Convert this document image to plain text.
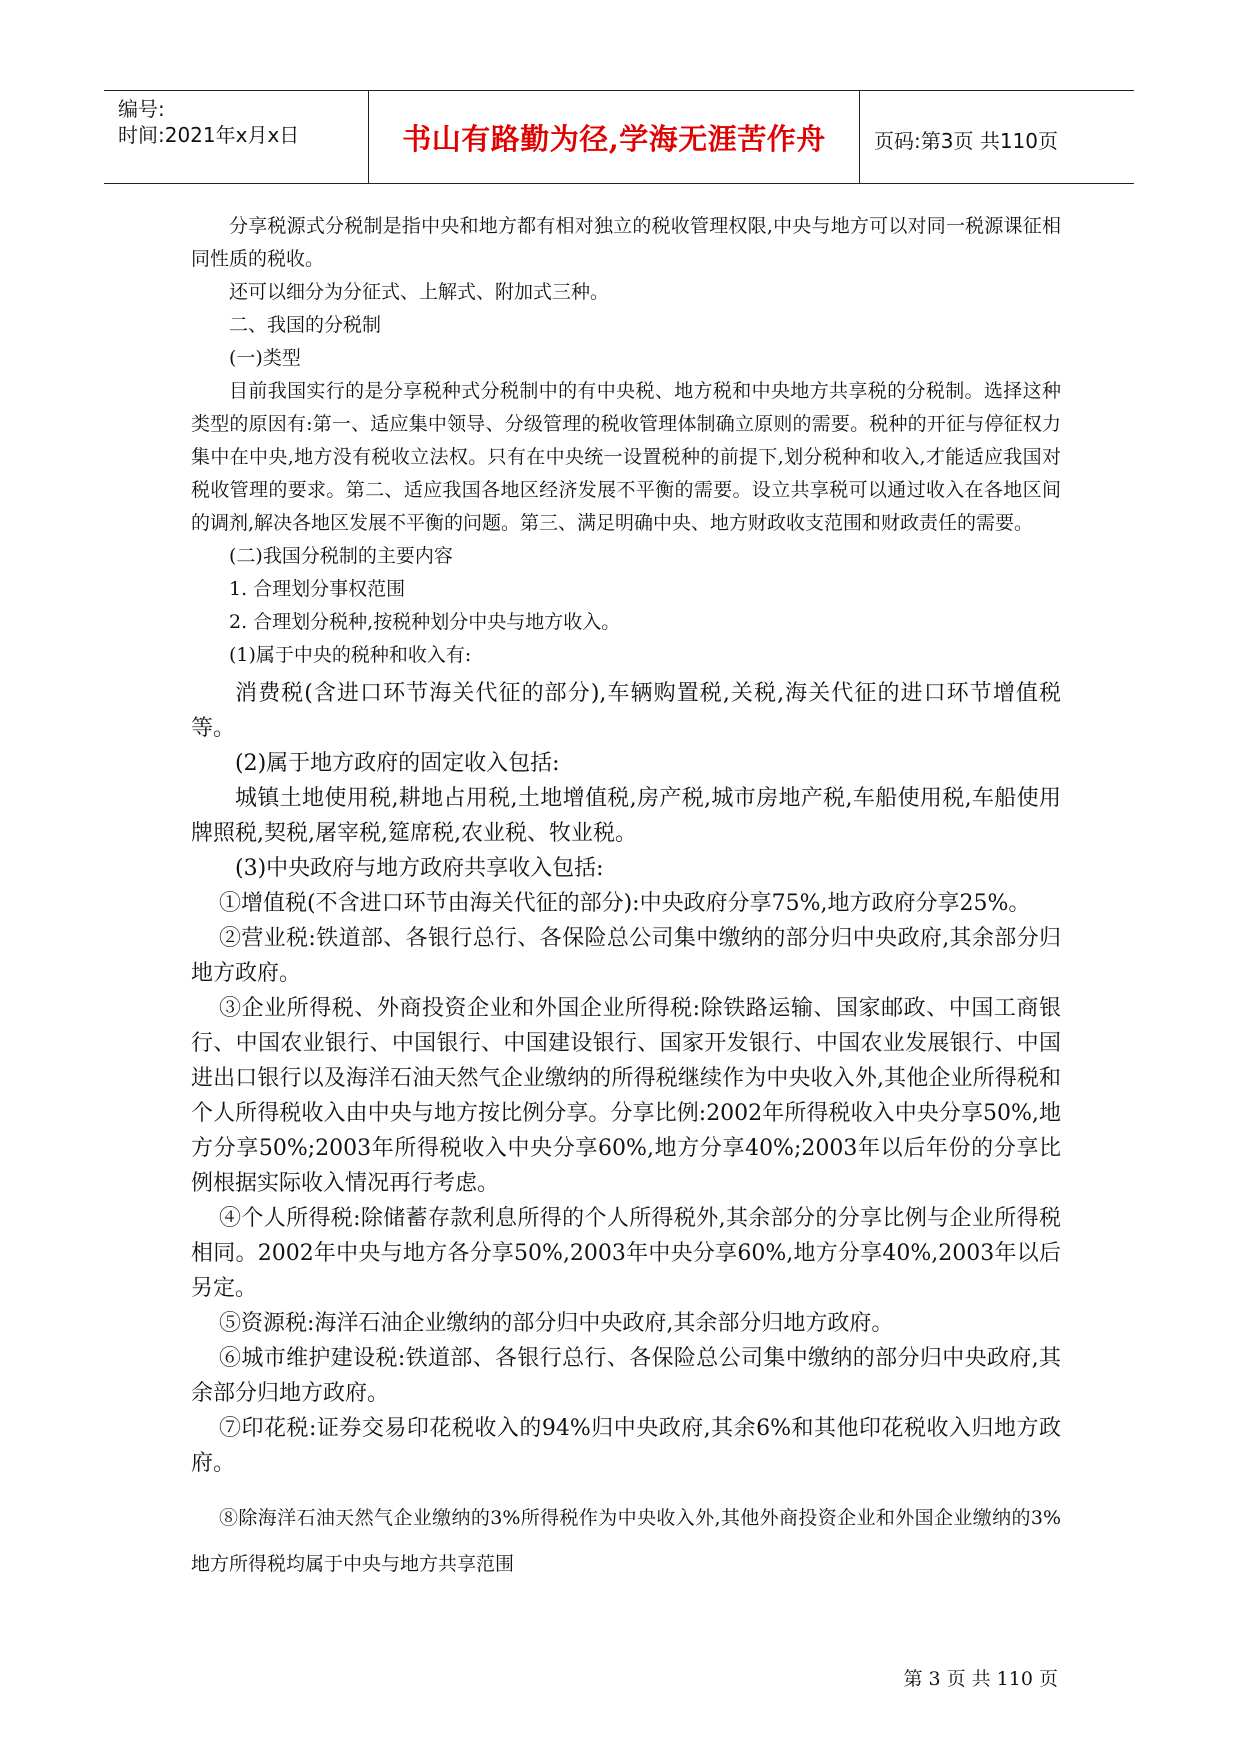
编号:
时间:2021年x月x日	书山有路勤为径,学海无涯苦作舟	页码:第3页 共110页

分享税源式分税制是指中央和地方都有相对独立的税收管理权限,中央与地方可以对同一税源课征相同性质的税收。

还可以细分为分征式、上解式、附加式三种。

二、我国的分税制

(一)类型

目前我国实行的是分享税种式分税制中的有中央税、地方税和中央地方共享税的分税制。选择这种类型的原因有:第一、适应集中领导、分级管理的税收管理体制确立原则的需要。税种的开征与停征权力集中在中央,地方没有税收立法权。只有在中央统一设置税种的前提下,划分税种和收入,才能适应我国对税收管理的要求。第二、适应我国各地区经济发展不平衡的需要。设立共享税可以通过收入在各地区间的调剂,解决各地区发展不平衡的问题。第三、满足明确中央、地方财政收支范围和财政责任的需要。

(二)我国分税制的主要内容

1. 合理划分事权范围

2. 合理划分税种,按税种划分中央与地方收入。

(1)属于中央的税种和收入有:

消费税(含进口环节海关代征的部分),车辆购置税,关税,海关代征的进口环节增值税等。

(2)属于地方政府的固定收入包括:

城镇土地使用税,耕地占用税,土地增值税,房产税,城市房地产税,车船使用税,车船使用牌照税,契税,屠宰税,筵席税,农业税、牧业税。

(3)中央政府与地方政府共享收入包括:

①增值税(不含进口环节由海关代征的部分):中央政府分享75%,地方政府分享25%。

②营业税:铁道部、各银行总行、各保险总公司集中缴纳的部分归中央政府,其余部分归地方政府。

③企业所得税、外商投资企业和外国企业所得税:除铁路运输、国家邮政、中国工商银行、中国农业银行、中国银行、中国建设银行、国家开发银行、中国农业发展银行、中国进出口银行以及海洋石油天然气企业缴纳的所得税继续作为中央收入外,其他企业所得税和个人所得税收入由中央与地方按比例分享。分享比例:2002年所得税收入中央分享50%,地方分享50%;2003年所得税收入中央分享60%,地方分享40%;2003年以后年份的分享比例根据实际收入情况再行考虑。

④个人所得税:除储蓄存款利息所得的个人所得税外,其余部分的分享比例与企业所得税相同。2002年中央与地方各分享50%,2003年中央分享60%,地方分享40%,2003年以后另定。

⑤资源税:海洋石油企业缴纳的部分归中央政府,其余部分归地方政府。

⑥城市维护建设税:铁道部、各银行总行、各保险总公司集中缴纳的部分归中央政府,其余部分归地方政府。

⑦印花税:证券交易印花税收入的94%归中央政府,其余6%和其他印花税收入归地方政府。

⑧除海洋石油天然气企业缴纳的3%所得税作为中央收入外,其他外商投资企业和外国企业缴纳的3%地方所得税均属于中央与地方共享范围

第 3 页 共 110 页
